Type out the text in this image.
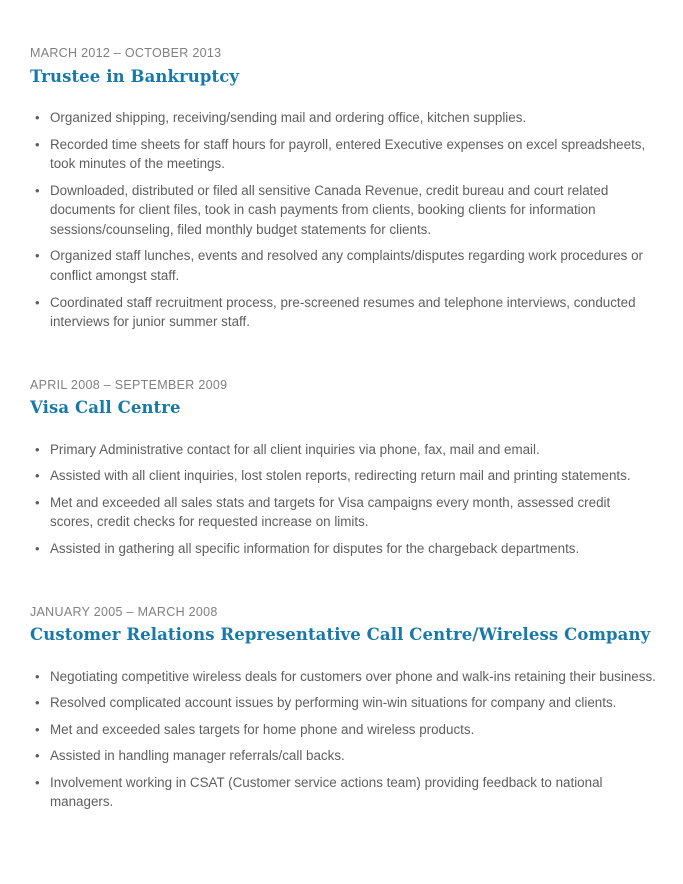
MARCH 2012 – OCTOBER 2013
Trustee in Bankruptcy
•
Organized shipping, receiving/sending mail and ordering office, kitchen supplies.
•
Recorded time sheets for staff hours for payroll, entered Executive expenses on excel spreadsheets, took minutes of the meetings.
•
Downloaded, distributed or filed all sensitive Canada Revenue, credit bureau and court related documents for client files, took in cash payments from clients, booking clients for information sessions/counseling, filed monthly budget statements for clients.
•
Organized staff lunches, events and resolved any complaints/disputes regarding work procedures or conflict amongst staff.
•
Coordinated staff recruitment process, pre-screened resumes and telephone interviews, conducted interviews for junior summer staff.
APRIL 2008 – SEPTEMBER 2009
Visa Call Centre
•
Primary Administrative contact for all client inquiries via phone, fax, mail and email.
•
Assisted with all client inquiries, lost stolen reports, redirecting return mail and printing statements.
•
Met and exceeded all sales stats and targets for Visa campaigns every month, assessed credit scores, credit checks for requested increase on limits.
•
Assisted in gathering all specific information for disputes for the chargeback departments.
JANUARY 2005 – MARCH 2008
Customer Relations Representative Call Centre/Wireless Company
•
Negotiating competitive wireless deals for customers over phone and walk-ins retaining their business.
•
Resolved complicated account issues by performing win-win situations for company and clients.
•
Met and exceeded sales targets for home phone and wireless products.
•
Assisted in handling manager referrals/call backs.
•
Involvement working in CSAT (Customer service actions team) providing feedback to national managers.
